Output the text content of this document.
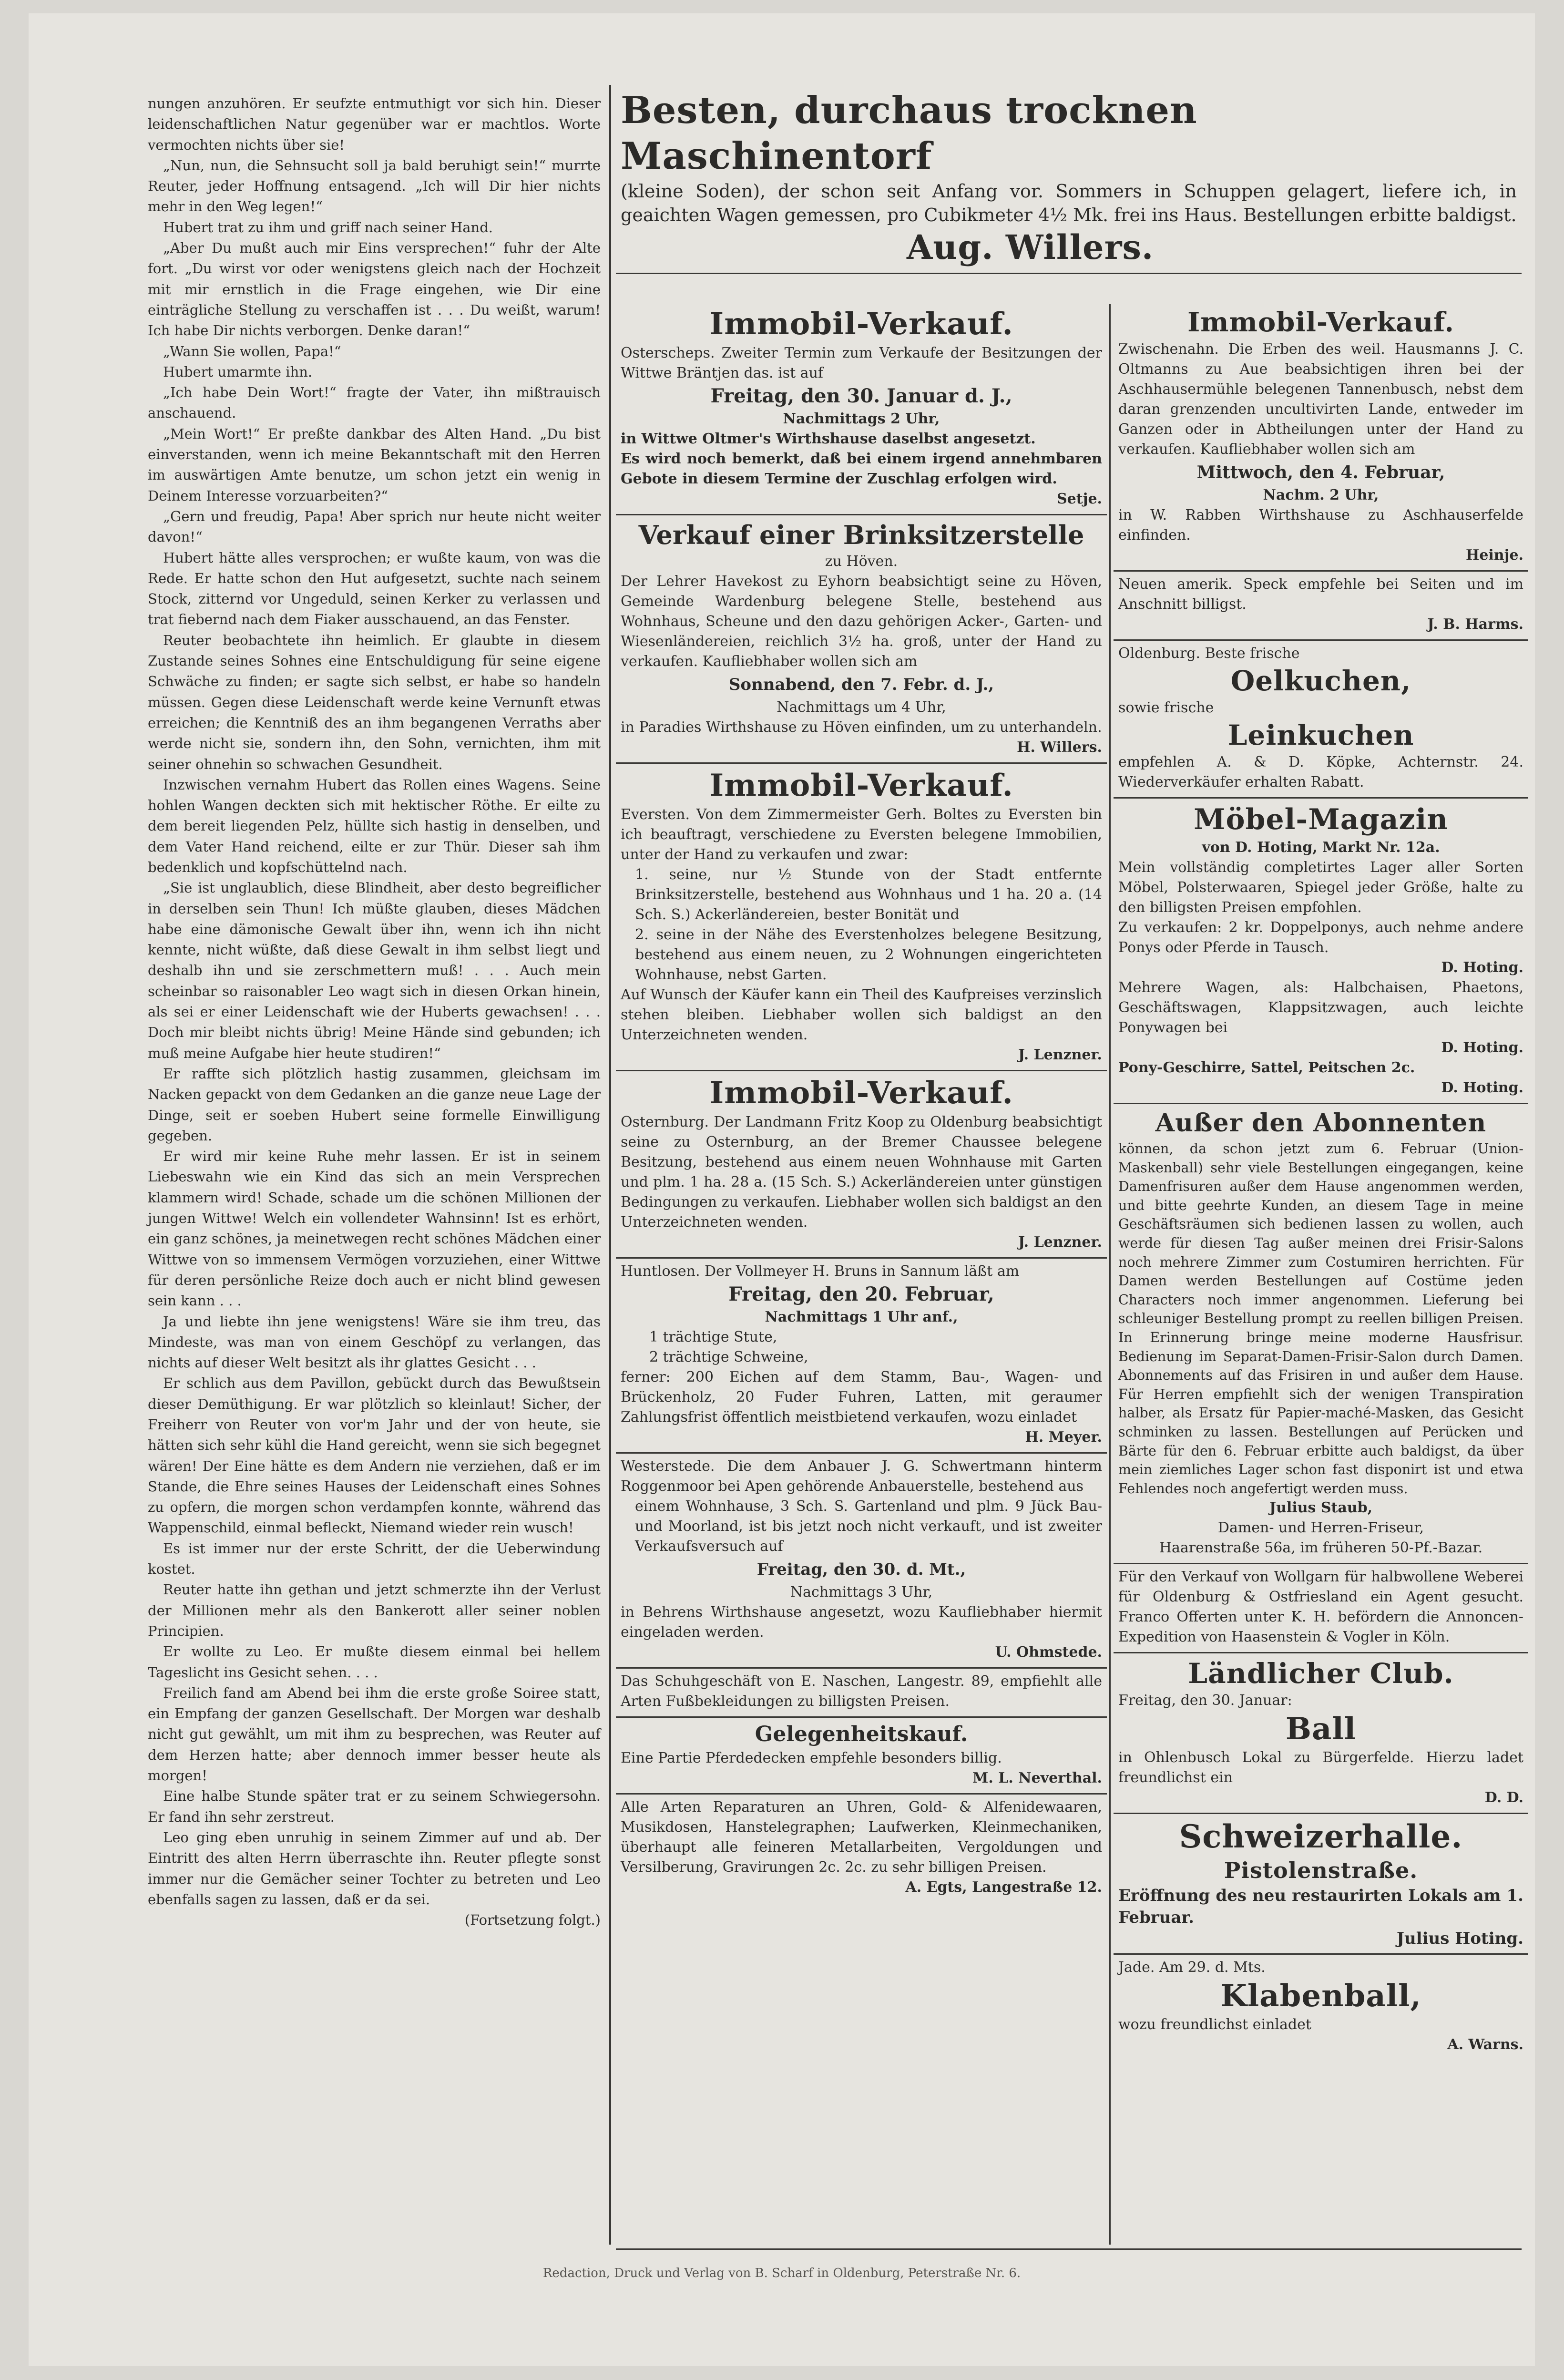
nungen anzuhören. Er seufzte entmuthigt vor sich hin. Dieser leidenschaftlichen Natur gegenüber war er machtlos. Worte vermochten nichts über sie!

„Nun, nun, die Sehnsucht soll ja bald beruhigt sein!“ murrte Reuter, jeder Hoffnung entsagend. „Ich will Dir hier nichts mehr in den Weg legen!“

Hubert trat zu ihm und griff nach seiner Hand.

„Aber Du mußt auch mir Eins versprechen!“ fuhr der Alte fort. „Du wirst vor oder wenigstens gleich nach der Hochzeit mit mir ernstlich in die Frage eingehen, wie Dir eine einträgliche Stellung zu verschaffen ist . . . Du weißt, warum! Ich habe Dir nichts verborgen. Denke daran!“

„Wann Sie wollen, Papa!“

Hubert umarmte ihn.

„Ich habe Dein Wort!“ fragte der Vater, ihn mißtrauisch anschauend.

„Mein Wort!“ Er preßte dankbar des Alten Hand. „Du bist einverstanden, wenn ich meine Bekanntschaft mit den Herren im auswärtigen Amte benutze, um schon jetzt ein wenig in Deinem Interesse vorzuarbeiten?“

„Gern und freudig, Papa! Aber sprich nur heute nicht weiter davon!“

Hubert hätte alles versprochen; er wußte kaum, von was die Rede. Er hatte schon den Hut aufgesetzt, suchte nach seinem Stock, zitternd vor Ungeduld, seinen Kerker zu verlassen und trat fiebernd nach dem Fiaker ausschauend, an das Fenster.

Reuter beobachtete ihn heimlich. Er glaubte in diesem Zustande seines Sohnes eine Entschuldigung für seine eigene Schwäche zu finden; er sagte sich selbst, er habe so handeln müssen. Gegen diese Leidenschaft werde keine Vernunft etwas erreichen; die Kenntniß des an ihm begangenen Verraths aber werde nicht sie, sondern ihn, den Sohn, vernichten, ihm mit seiner ohnehin so schwachen Gesundheit.

Inzwischen vernahm Hubert das Rollen eines Wagens. Seine hohlen Wangen deckten sich mit hektischer Röthe. Er eilte zu dem bereit liegenden Pelz, hüllte sich hastig in denselben, und dem Vater Hand reichend, eilte er zur Thür. Dieser sah ihm bedenklich und kopfschüttelnd nach.

„Sie ist unglaublich, diese Blindheit, aber desto begreiflicher in derselben sein Thun! Ich müßte glauben, dieses Mädchen habe eine dämonische Gewalt über ihn, wenn ich ihn nicht kennte, nicht wüßte, daß diese Gewalt in ihm selbst liegt und deshalb ihn und sie zerschmettern muß! . . . Auch mein scheinbar so raisonabler Leo wagt sich in diesen Orkan hinein, als sei er einer Leidenschaft wie der Huberts gewachsen! . . . Doch mir bleibt nichts übrig! Meine Hände sind gebunden; ich muß meine Aufgabe hier heute studiren!“

Er raffte sich plötzlich hastig zusammen, gleichsam im Nacken gepackt von dem Gedanken an die ganze neue Lage der Dinge, seit er soeben Hubert seine formelle Einwilligung gegeben.

Er wird mir keine Ruhe mehr lassen. Er ist in seinem Liebeswahn wie ein Kind das sich an mein Versprechen klammern wird! Schade, schade um die schönen Millionen der jungen Wittwe! Welch ein vollendeter Wahnsinn! Ist es erhört, ein ganz schönes, ja meinetwegen recht schönes Mädchen einer Wittwe von so immensem Vermögen vorzuziehen, einer Wittwe für deren persönliche Reize doch auch er nicht blind gewesen sein kann . . .

Ja und liebte ihn jene wenigstens! Wäre sie ihm treu, das Mindeste, was man von einem Geschöpf zu verlangen, das nichts auf dieser Welt besitzt als ihr glattes Gesicht . . .

Er schlich aus dem Pavillon, gebückt durch das Bewußtsein dieser Demüthigung. Er war plötzlich so kleinlaut! Sicher, der Freiherr von Reuter von vor'm Jahr und der von heute, sie hätten sich sehr kühl die Hand gereicht, wenn sie sich begegnet wären! Der Eine hätte es dem Andern nie verziehen, daß er im Stande, die Ehre seines Hauses der Leidenschaft eines Sohnes zu opfern, die morgen schon verdampfen konnte, während das Wappenschild, einmal befleckt, Niemand wieder rein wusch!

Es ist immer nur der erste Schritt, der die Ueberwindung kostet.

Reuter hatte ihn gethan und jetzt schmerzte ihn der Verlust der Millionen mehr als den Bankerott aller seiner noblen Principien.

Er wollte zu Leo. Er mußte diesem einmal bei hellem Tageslicht ins Gesicht sehen. . . .

Freilich fand am Abend bei ihm die erste große Soiree statt, ein Empfang der ganzen Gesellschaft. Der Morgen war deshalb nicht gut gewählt, um mit ihm zu besprechen, was Reuter auf dem Herzen hatte; aber dennoch immer besser heute als morgen!

Eine halbe Stunde später trat er zu seinem Schwiegersohn. Er fand ihn sehr zerstreut.

Leo ging eben unruhig in seinem Zimmer auf und ab. Der Eintritt des alten Herrn überraschte ihn. Reuter pflegte sonst immer nur die Gemächer seiner Tochter zu betreten und Leo ebenfalls sagen zu lassen, daß er da sei.

(Fortsetzung folgt.)

Besten, durchaus trocknen Maschinentorf

(kleine Soden), der schon seit Anfang vor. Sommers in Schuppen gelagert, liefere ich, in geaichten Wagen gemessen, pro Cubikmeter 4½ Mk. frei ins Haus. Bestellungen erbitte baldigst.

Aug. Willers.

Immobil-Verkauf.

Osterscheps. Zweiter Termin zum Verkaufe der Besitzungen der Wittwe Bräntjen das. ist auf

Freitag, den 30. Januar d. J.,

Nachmittags 2 Uhr,

in Wittwe Oltmer's Wirthshause daselbst angesetzt.

Es wird noch bemerkt, daß bei einem irgend annehmbaren Gebote in diesem Termine der Zuschlag erfolgen wird.

Setje.

Verkauf einer Brinksitzerstelle

zu Höven.

Der Lehrer Havekost zu Eyhorn beabsichtigt seine zu Höven, Gemeinde Wardenburg belegene Stelle, bestehend aus Wohnhaus, Scheune und den dazu gehörigen Acker-, Garten- und Wiesenländereien, reichlich 3½ ha. groß, unter der Hand zu verkaufen. Kaufliebhaber wollen sich am

Sonnabend, den 7. Febr. d. J.,

Nachmittags um 4 Uhr,

in Paradies Wirthshause zu Höven einfinden, um zu unterhandeln.

H. Willers.

Immobil-Verkauf.

Eversten. Von dem Zimmermeister Gerh. Boltes zu Eversten bin ich beauftragt, verschiedene zu Eversten belegene Immobilien, unter der Hand zu verkaufen und zwar:

1. seine, nur ½ Stunde von der Stadt entfernte Brinksitzerstelle, bestehend aus Wohnhaus und 1 ha. 20 a. (14 Sch. S.) Ackerländereien, bester Bonität und

2. seine in der Nähe des Everstenholzes belegene Besitzung, bestehend aus einem neuen, zu 2 Wohnungen eingerichteten Wohnhause, nebst Garten.

Auf Wunsch der Käufer kann ein Theil des Kaufpreises verzinslich stehen bleiben. Liebhaber wollen sich baldigst an den Unterzeichneten wenden.

J. Lenzner.

Immobil-Verkauf.

Osternburg. Der Landmann Fritz Koop zu Oldenburg beabsichtigt seine zu Osternburg, an der Bremer Chaussee belegene Besitzung, bestehend aus einem neuen Wohnhause mit Garten und plm. 1 ha. 28 a. (15 Sch. S.) Ackerländereien unter günstigen Bedingungen zu verkaufen. Liebhaber wollen sich baldigst an den Unterzeichneten wenden.

J. Lenzner.

Huntlosen. Der Vollmeyer H. Bruns in Sannum läßt am

Freitag, den 20. Februar,

Nachmittags 1 Uhr anf.,

1 trächtige Stute,

2 trächtige Schweine,

ferner: 200 Eichen auf dem Stamm, Bau-, Wagen- und Brückenholz, 20 Fuder Fuhren, Latten, mit geraumer Zahlungsfrist öffentlich meistbietend verkaufen, wozu einladet

H. Meyer.

Westerstede. Die dem Anbauer J. G. Schwertmann hinterm Roggenmoor bei Apen gehörende Anbauerstelle, bestehend aus

einem Wohnhause, 3 Sch. S. Gartenland und plm. 9 Jück Bau- und Moorland, ist bis jetzt noch nicht verkauft, und ist zweiter Verkaufsversuch auf

Freitag, den 30. d. Mt.,

Nachmittags 3 Uhr,

in Behrens Wirthshause angesetzt, wozu Kaufliebhaber hiermit eingeladen werden.

U. Ohmstede.

Das Schuhgeschäft von E. Naschen, Langestr. 89, empfiehlt alle Arten Fußbekleidungen zu billigsten Preisen.

Gelegenheitskauf.

Eine Partie Pferdedecken empfehle besonders billig.

M. L. Neverthal.

Alle Arten Reparaturen an Uhren, Gold- & Alfenidewaaren, Musikdosen, Hanstelegraphen; Laufwerken, Kleinmechaniken, überhaupt alle feineren Metallarbeiten, Vergoldungen und Versilberung, Gravirungen 2c. 2c. zu sehr billigen Preisen.

A. Egts, Langestraße 12.

Immobil-Verkauf.

Zwischenahn. Die Erben des weil. Hausmanns J. C. Oltmanns zu Aue beabsichtigen ihren bei der Aschhausermühle belegenen Tannenbusch, nebst dem daran grenzenden uncultivirten Lande, entweder im Ganzen oder in Abtheilungen unter der Hand zu verkaufen. Kaufliebhaber wollen sich am

Mittwoch, den 4. Februar,

Nachm. 2 Uhr,

in W. Rabben Wirthshause zu Aschhauserfelde einfinden.

Heinje.

Neuen amerik. Speck empfehle bei Seiten und im Anschnitt billigst.

J. B. Harms.

Oldenburg. Beste frische

Oelkuchen,

sowie frische

Leinkuchen

empfehlen A. & D. Köpke, Achternstr. 24. Wiederverkäufer erhalten Rabatt.

Möbel-Magazin

von D. Hoting, Markt Nr. 12a.

Mein vollständig completirtes Lager aller Sorten Möbel, Polsterwaaren, Spiegel jeder Größe, halte zu den billigsten Preisen empfohlen.

Zu verkaufen: 2 kr. Doppelponys, auch nehme andere Ponys oder Pferde in Tausch.

D. Hoting.

Mehrere Wagen, als: Halbchaisen, Phaetons, Geschäftswagen, Klappsitzwagen, auch leichte Ponywagen bei

D. Hoting.

Pony-Geschirre, Sattel, Peitschen 2c.

D. Hoting.

Außer den Abonnenten

können, da schon jetzt zum 6. Februar (Union-Maskenball) sehr viele Bestellungen eingegangen, keine Damenfrisuren außer dem Hause angenommen werden, und bitte geehrte Kunden, an diesem Tage in meine Geschäftsräumen sich bedienen lassen zu wollen, auch werde für diesen Tag außer meinen drei Frisir-Salons noch mehrere Zimmer zum Costumiren herrichten. Für Damen werden Bestellungen auf Costüme jeden Characters noch immer angenommen. Lieferung bei schleuniger Bestellung prompt zu reellen billigen Preisen. In Erinnerung bringe meine moderne Hausfrisur. Bedienung im Separat-Damen-Frisir-Salon durch Damen. Abonnements auf das Frisiren in und außer dem Hause. Für Herren empfiehlt sich der wenigen Transpiration halber, als Ersatz für Papier-maché-Masken, das Gesicht schminken zu lassen. Bestellungen auf Perücken und Bärte für den 6. Februar erbitte auch baldigst, da über mein ziemliches Lager schon fast disponirt ist und etwa Fehlendes noch angefertigt werden muss.

Julius Staub,

Damen- und Herren-Friseur,

Haarenstraße 56a, im früheren 50-Pf.-Bazar.

Für den Verkauf von Wollgarn für halbwollene Weberei für Oldenburg & Ostfriesland ein Agent gesucht. Franco Offerten unter K. H. befördern die Annoncen-Expedition von Haasenstein & Vogler in Köln.

Ländlicher Club.

Freitag, den 30. Januar:

Ball

in Ohlenbusch Lokal zu Bürgerfelde. Hierzu ladet freundlichst ein

D. D.

Schweizerhalle.

Pistolenstraße.

Eröffnung des neu restaurirten Lokals am 1. Februar.

Julius Hoting.

Jade. Am 29. d. Mts.

Klabenball,

wozu freundlichst einladet

A. Warns.

Redaction, Druck und Verlag von B. Scharf in Oldenburg, Peterstraße Nr. 6.
